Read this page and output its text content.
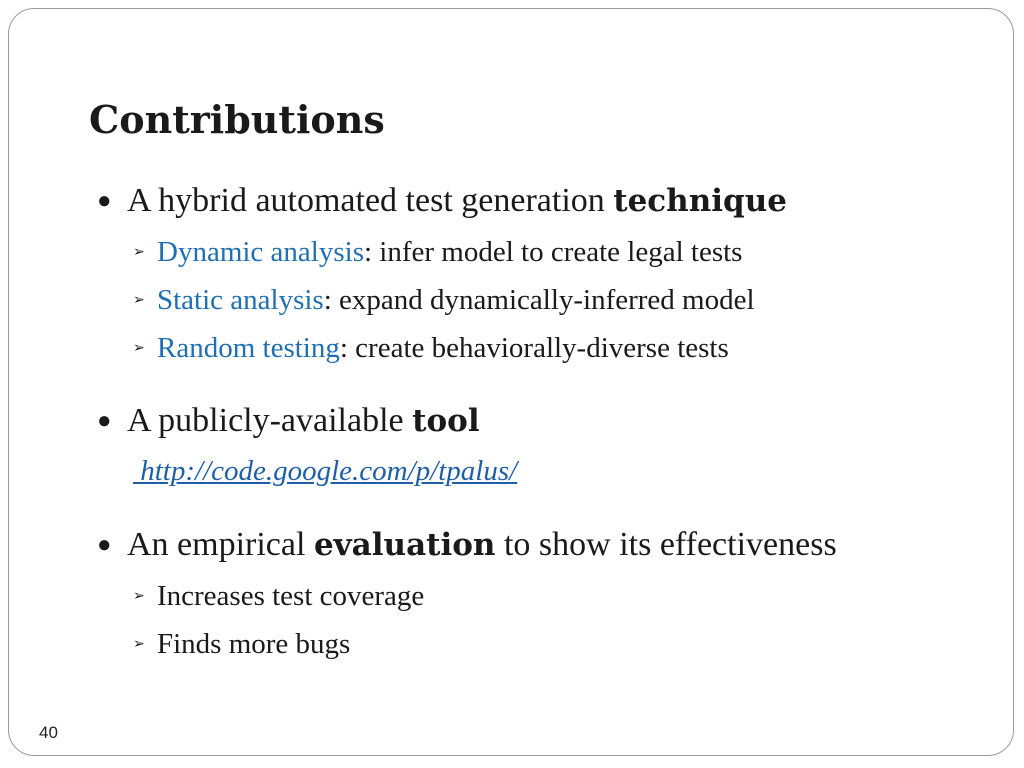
Contributions
● A hybrid automated test generation technique
➢ Dynamic analysis: infer model to create legal tests
➢ Static analysis: expand dynamically-inferred model
➢ Random testing: create behaviorally-diverse tests
● A publicly-available tool
http://code.google.com/p/tpalus/
● An empirical evaluation to show its effectiveness
➢ Increases test coverage
➢ Finds more bugs
40
